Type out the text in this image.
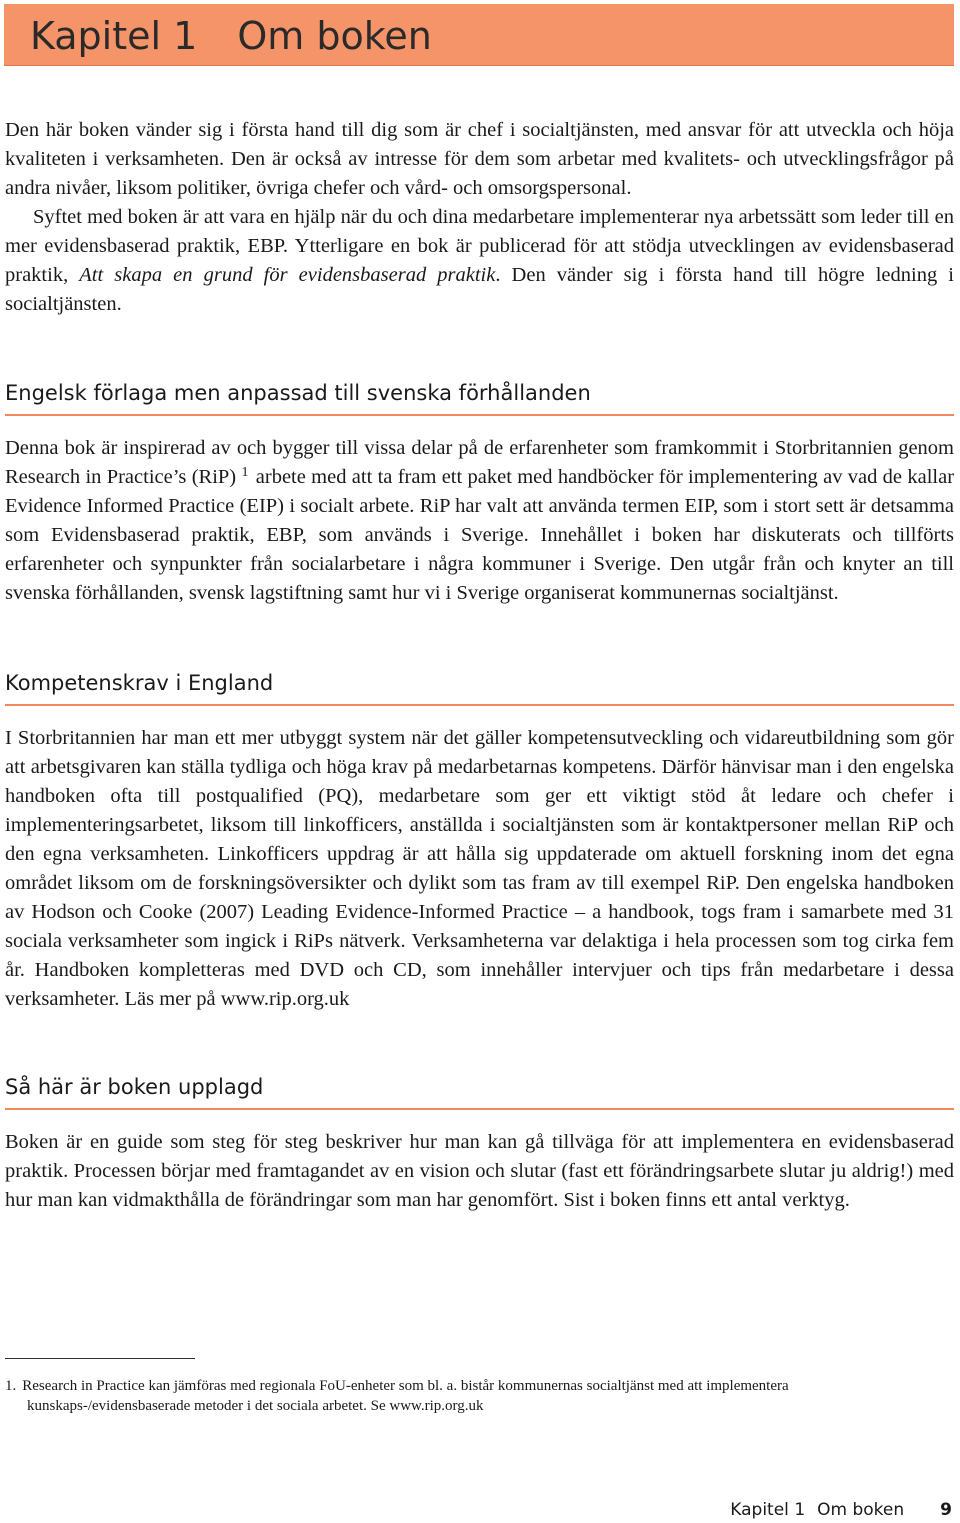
Kapitel 1 Om boken

Den här boken vänder sig i första hand till dig som är chef i socialtjänsten, med ansvar för att utveckla och höja kvaliteten i verksamheten. Den är också av intresse för dem som arbetar med kvalitets- och utvecklingsfrågor på andra nivåer, liksom politiker, övriga chefer och vård- och omsorgspersonal.

Syftet med boken är att vara en hjälp när du och dina medarbetare implementerar nya arbetssätt som leder till en mer evidensbaserad praktik, EBP. Ytterligare en bok är publicerad för att stödja utvecklingen av evidensbaserad praktik, Att skapa en grund för evidensbaserad praktik. Den vänder sig i första hand till högre ledning i socialtjänsten.

Engelsk förlaga men anpassad till svenska förhållanden

Denna bok är inspirerad av och bygger till vissa delar på de erfarenheter som framkommit i Storbritannien genom Research in Practice’s (RiP) $^1$ arbete med att ta fram ett paket med handböcker för implementering av vad de kallar Evidence Informed Practice (EIP) i socialt arbete. RiP har valt att använda termen EIP, som i stort sett är detsamma som Evidensbaserad praktik, EBP, som används i Sverige. Innehållet i boken har diskuterats och tillförts erfarenheter och synpunkter från socialarbetare i några kommuner i Sverige. Den utgår från och knyter an till svenska förhållanden, svensk lagstiftning samt hur vi i Sverige organiserat kommunernas socialtjänst.

Kompetenskrav i England

I Storbritannien har man ett mer utbyggt system när det gäller kompetensutveckling och vidareutbildning som gör att arbetsgivaren kan ställa tydliga och höga krav på medarbetarnas kompetens. Därför hänvisar man i den engelska handboken ofta till postqualified (PQ), medarbetare som ger ett viktigt stöd åt ledare och chefer i implementeringsarbetet, liksom till linkofficers, anställda i socialtjänsten som är kontaktpersoner mellan RiP och den egna verksamheten. Linkofficers uppdrag är att hålla sig uppdaterade om aktuell forskning inom det egna området liksom om de forskningsöversikter och dylikt som tas fram av till exempel RiP. Den engelska handboken av Hodson och Cooke (2007) Leading Evidence-Informed Practice – a handbook, togs fram i samarbete med 31 sociala verksamheter som ingick i RiPs nätverk. Verksamheterna var delaktiga i hela processen som tog cirka fem år. Handboken kompletteras med DVD och CD, som innehåller intervjuer och tips från medarbetare i dessa verksamheter. Läs mer på www.rip.org.uk

Så här är boken upplagd

Boken är en guide som steg för steg beskriver hur man kan gå tillväga för att implementera en evidensbaserad praktik. Processen börjar med framtagandet av en vision och slutar (fast ett förändringsarbete slutar ju aldrig!) med hur man kan vidmakthålla de förändringar som man har genomfört. Sist i boken finns ett antal verktyg.

1. Research in Practice kan jämföras med regionala FoU-enheter som bl. a. bistår kommunernas socialtjänst med att implementera
kunskaps-/evidensbaserade metoder i det sociala arbetet. Se www.rip.org.uk

Kapitel 1 Om boken 9
